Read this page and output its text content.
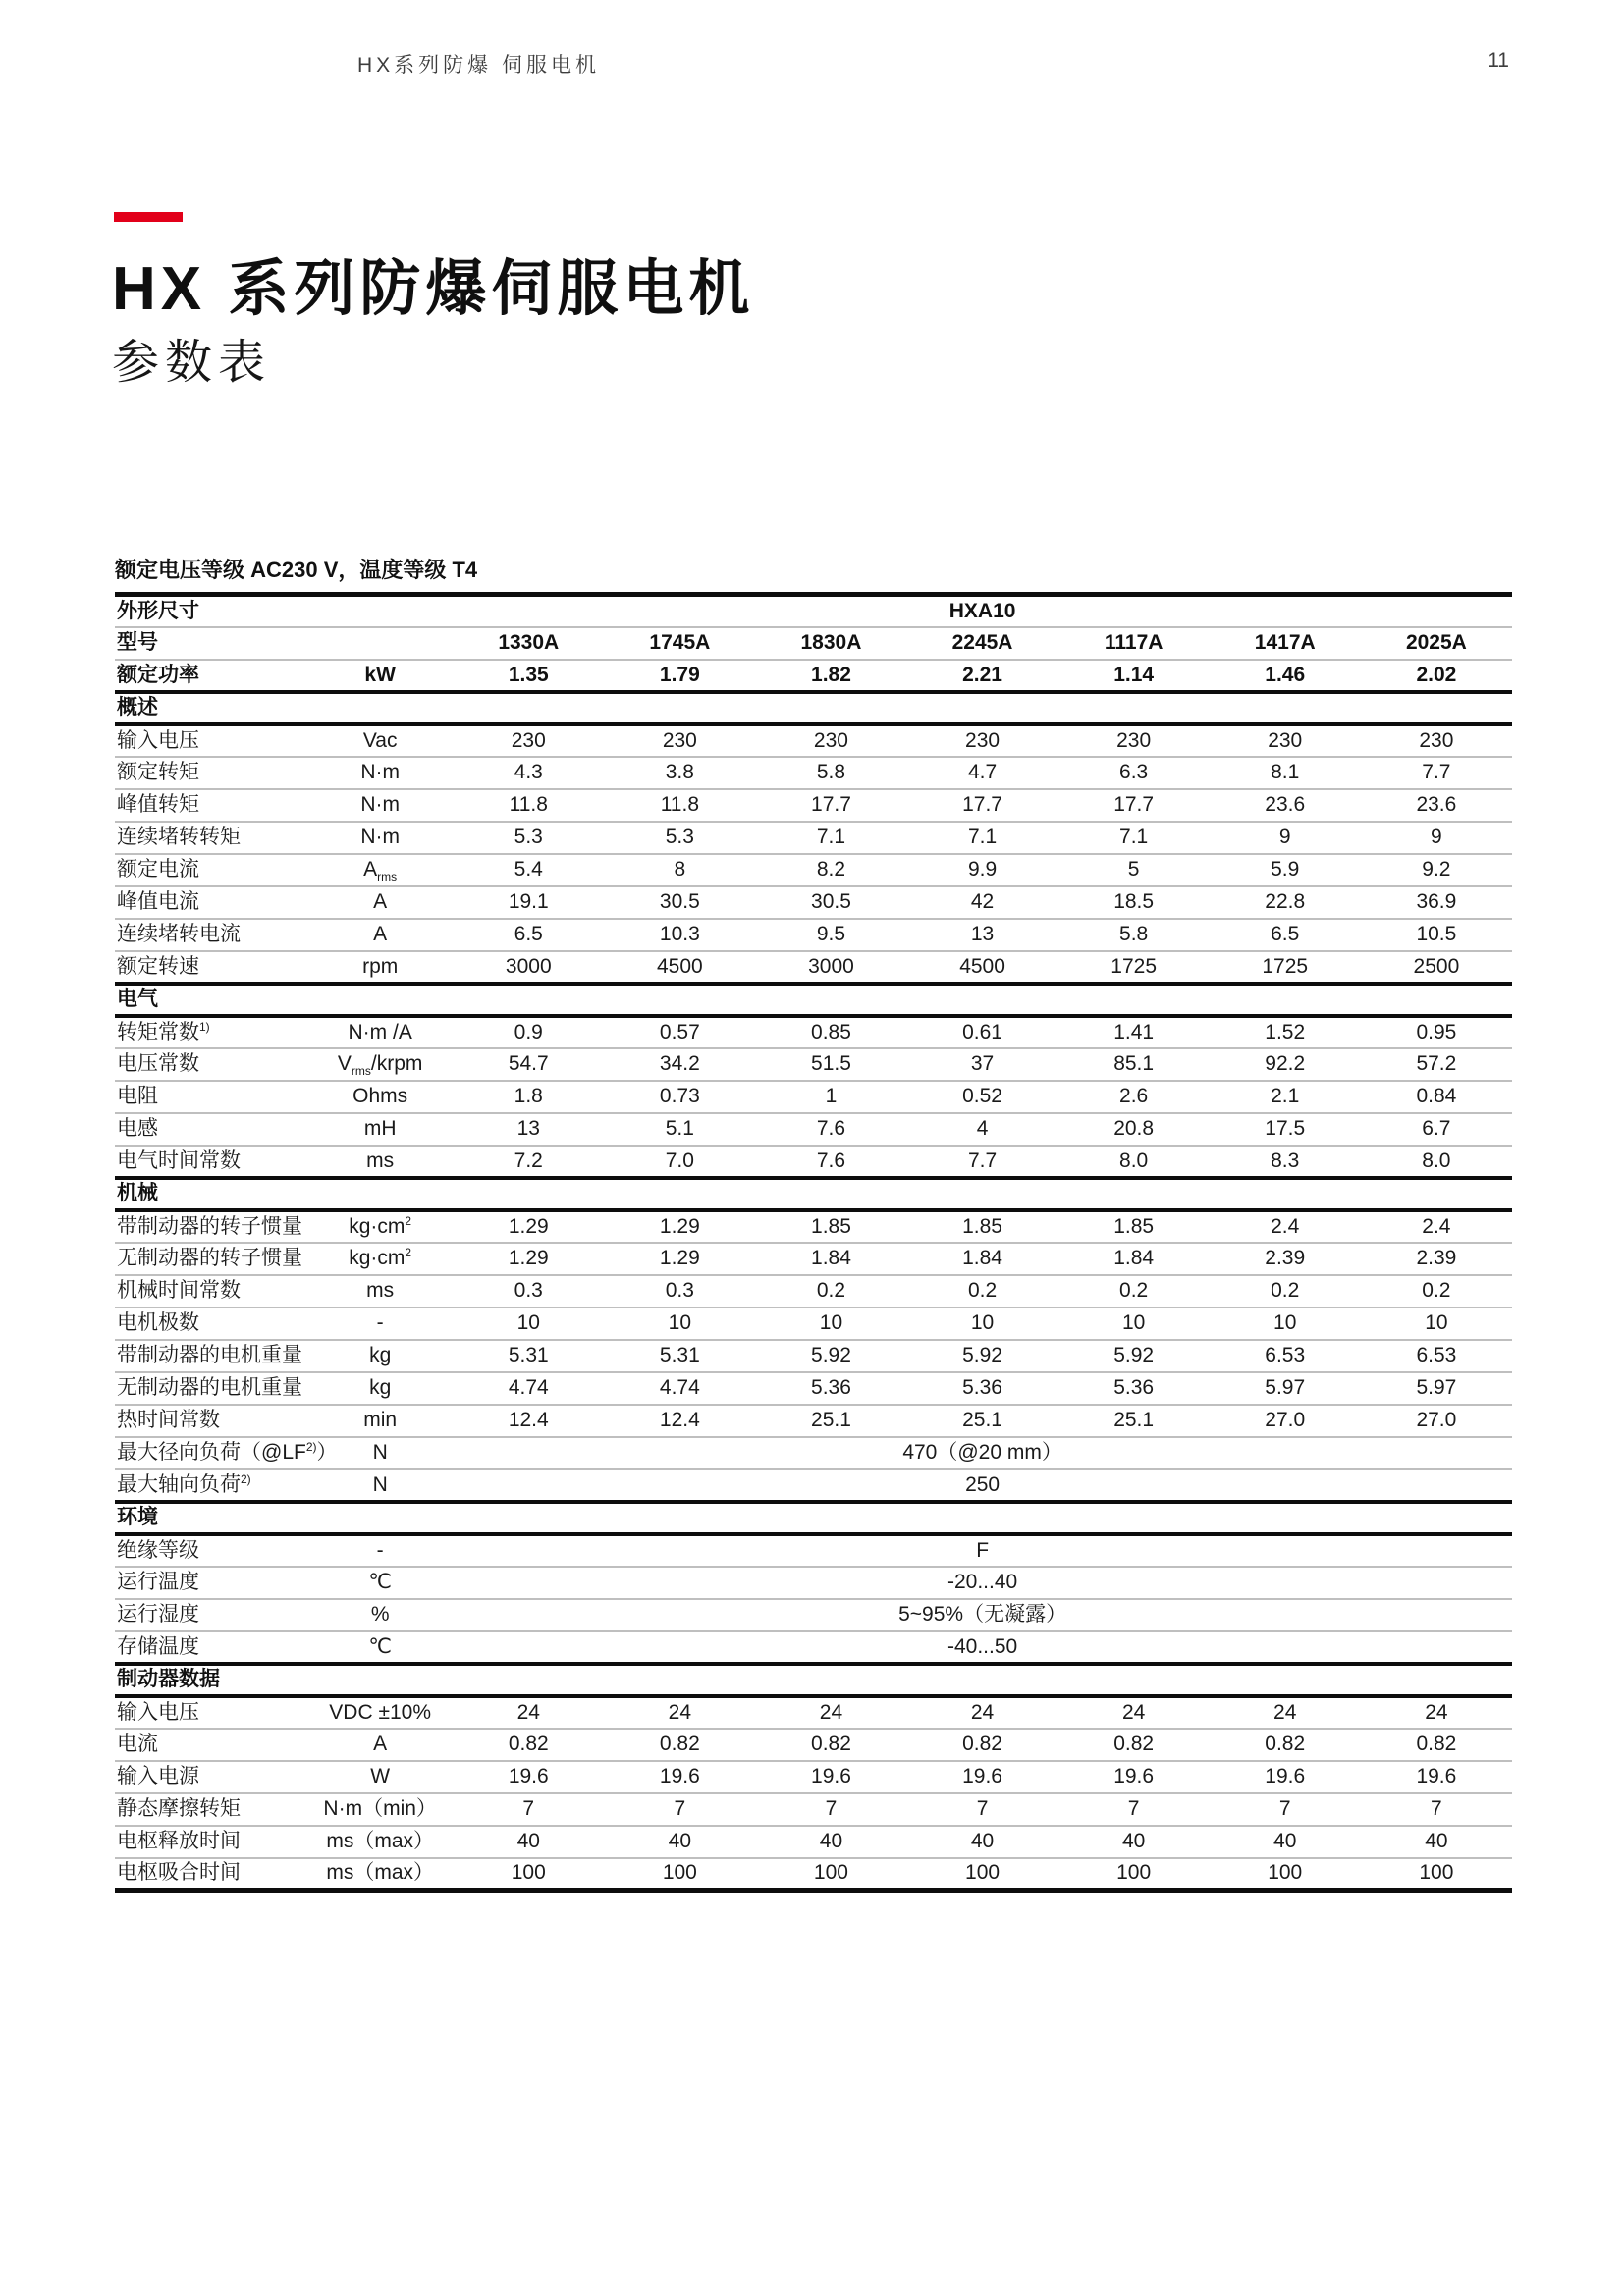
HX系列防爆 伺服电机	11
HX 系列防爆伺服电机
参数表
额定电压等级 AC230 V，温度等级 T4
外形尺寸		HXA10						
型号		1330A	1745A	1830A	2245A	1117A	1417A	2025A
额定功率	kW	1.35	1.79	1.82	2.21	1.14	1.46	2.02
概述								
输入电压	Vac	230	230	230	230	230	230	230
额定转矩	N·m	4.3	3.8	5.8	4.7	6.3	8.1	7.7
峰值转矩	N·m	11.8	11.8	17.7	17.7	17.7	23.6	23.6
连续堵转转矩	N·m	5.3	5.3	7.1	7.1	7.1	9	9
额定电流	$A_{rms}$	5.4	8	8.2	9.9	5	5.9	9.2
峰值电流	A	19.1	30.5	30.5	42	18.5	22.8	36.9
连续堵转电流	A	6.5	10.3	9.5	13	5.8	6.5	10.5
额定转速	rpm	3000	4500	3000	4500	1725	1725	2500
电气								
转矩常数$^{1)}$	N·m /A	0.9	0.57	0.85	0.61	1.41	1.52	0.95
电压常数	$V_{rms}$/krpm	54.7	34.2	51.5	37	85.1	92.2	57.2
电阻	Ohms	1.8	0.73	1	0.52	2.6	2.1	0.84
电感	mH	13	5.1	7.6	4	20.8	17.5	6.7
电气时间常数	ms	7.2	7.0	7.6	7.7	8.0	8.3	8.0
机械								
带制动器的转子惯量	$kg\cdot cm^2$	1.29	1.29	1.85	1.85	1.85	2.4	2.4
无制动器的转子惯量	$kg\cdot cm^2$	1.29	1.29	1.84	1.84	1.84	2.39	2.39
机械时间常数	ms	0.3	0.3	0.2	0.2	0.2	0.2	0.2
电机极数	-	10	10	10	10	10	10	10
带制动器的电机重量	kg	5.31	5.31	5.92	5.92	5.92	6.53	6.53
无制动器的电机重量	kg	4.74	4.74	5.36	5.36	5.36	5.97	5.97
热时间常数	min	12.4	12.4	25.1	25.1	25.1	27.0	27.0
最大径向负荷（@LF$^{2)}$）	N	470（@20 mm）						
最大轴向负荷$^{2)}$	N	250						
环境								
绝缘等级	-	F						
运行温度	℃	-20...40						
运行湿度	%	5~95%（无凝露）						
存储温度	℃	-40...50						
制动器数据								
输入电压	VDC ±10%	24	24	24	24	24	24	24
电流	A	0.82	0.82	0.82	0.82	0.82	0.82	0.82
输入电源	W	19.6	19.6	19.6	19.6	19.6	19.6	19.6
静态摩擦转矩	N·m（min）	7	7	7	7	7	7	7
电枢释放时间	ms（max）	40	40	40	40	40	40	40
电枢吸合时间	ms（max）	100	100	100	100	100	100	100
